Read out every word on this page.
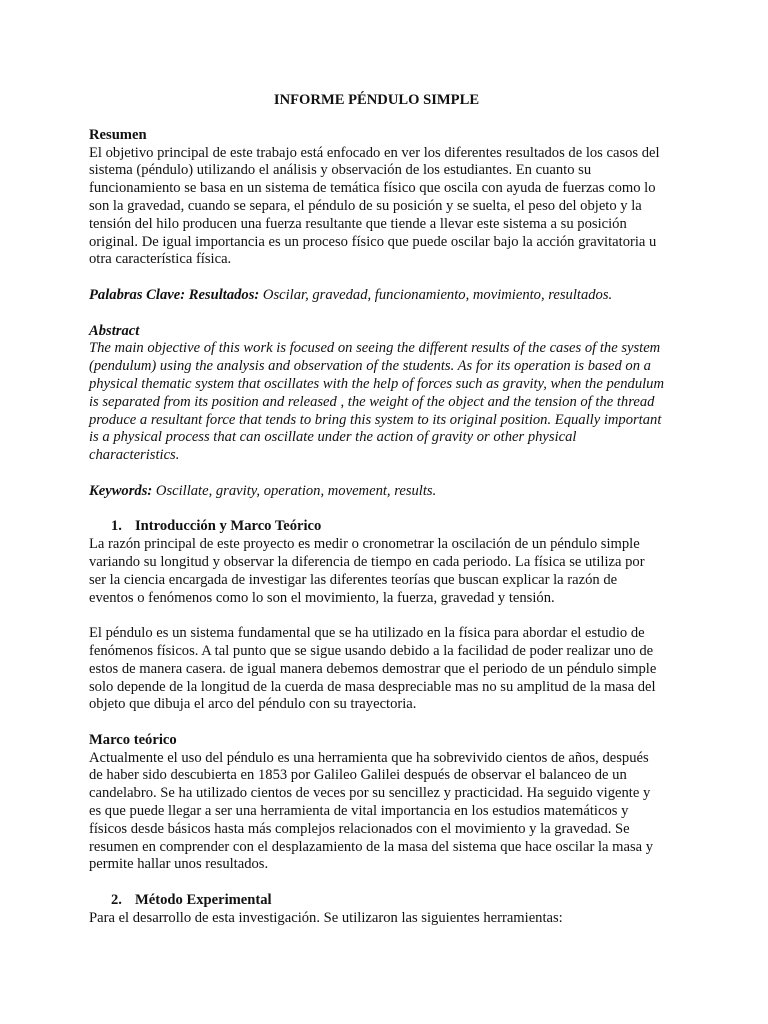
INFORME PÉNDULO SIMPLE

Resumen

El objetivo principal de este trabajo está enfocado en ver los diferentes resultados de los casos del sistema (péndulo) utilizando el análisis y observación de los estudiantes. En cuanto su funcionamiento se basa en un sistema de temática físico que oscila con ayuda de fuerzas como lo son la gravedad, cuando se separa, el péndulo de su posición y se suelta, el peso del objeto y la tensión del hilo producen una fuerza resultante que tiende a llevar este sistema a su posición original. De igual importancia es un proceso físico que puede oscilar bajo la acción gravitatoria u otra característica física.

Palabras Clave: Resultados: Oscilar, gravedad, funcionamiento, movimiento, resultados.

Abstract

The main objective of this work is focused on seeing the different results of the cases of the system (pendulum) using the analysis and observation of the students. As for its operation is based on a physical thematic system that oscillates with the help of forces such as gravity, when the pendulum is separated from its position and released , the weight of the object and the tension of the thread produce a resultant force that tends to bring this system to its original position. Equally important is a physical process that can oscillate under the action of gravity or other physical characteristics.

Keywords: Oscillate, gravity, operation, movement, results.

1. Introducción y Marco Teórico

La razón principal de este proyecto es medir o cronometrar la oscilación de un péndulo simple variando su longitud y observar la diferencia de tiempo en cada periodo. La física se utiliza por ser la ciencia encargada de investigar las diferentes teorías que buscan explicar la razón de eventos o fenómenos como lo son el movimiento, la fuerza, gravedad y tensión.

El péndulo es un sistema fundamental que se ha utilizado en la física para abordar el estudio de fenómenos físicos. A tal punto que se sigue usando debido a la facilidad de poder realizar uno de estos de manera casera. de igual manera debemos demostrar que el periodo de un péndulo simple solo depende de la longitud de la cuerda de masa despreciable mas no su amplitud de la masa del objeto que dibuja el arco del péndulo con su trayectoria.

Marco teórico

Actualmente el uso del péndulo es una herramienta que ha sobrevivido cientos de años, después de haber sido descubierta en 1853 por Galileo Galilei después de observar el balanceo de un candelabro. Se ha utilizado cientos de veces por su sencillez y practicidad. Ha seguido vigente y es que puede llegar a ser una herramienta de vital importancia en los estudios matemáticos y físicos desde básicos hasta más complejos relacionados con el movimiento y la gravedad. Se resumen en comprender con el desplazamiento de la masa del sistema que hace oscilar la masa y permite hallar unos resultados.

2. Método Experimental

Para el desarrollo de esta investigación. Se utilizaron las siguientes herramientas:
